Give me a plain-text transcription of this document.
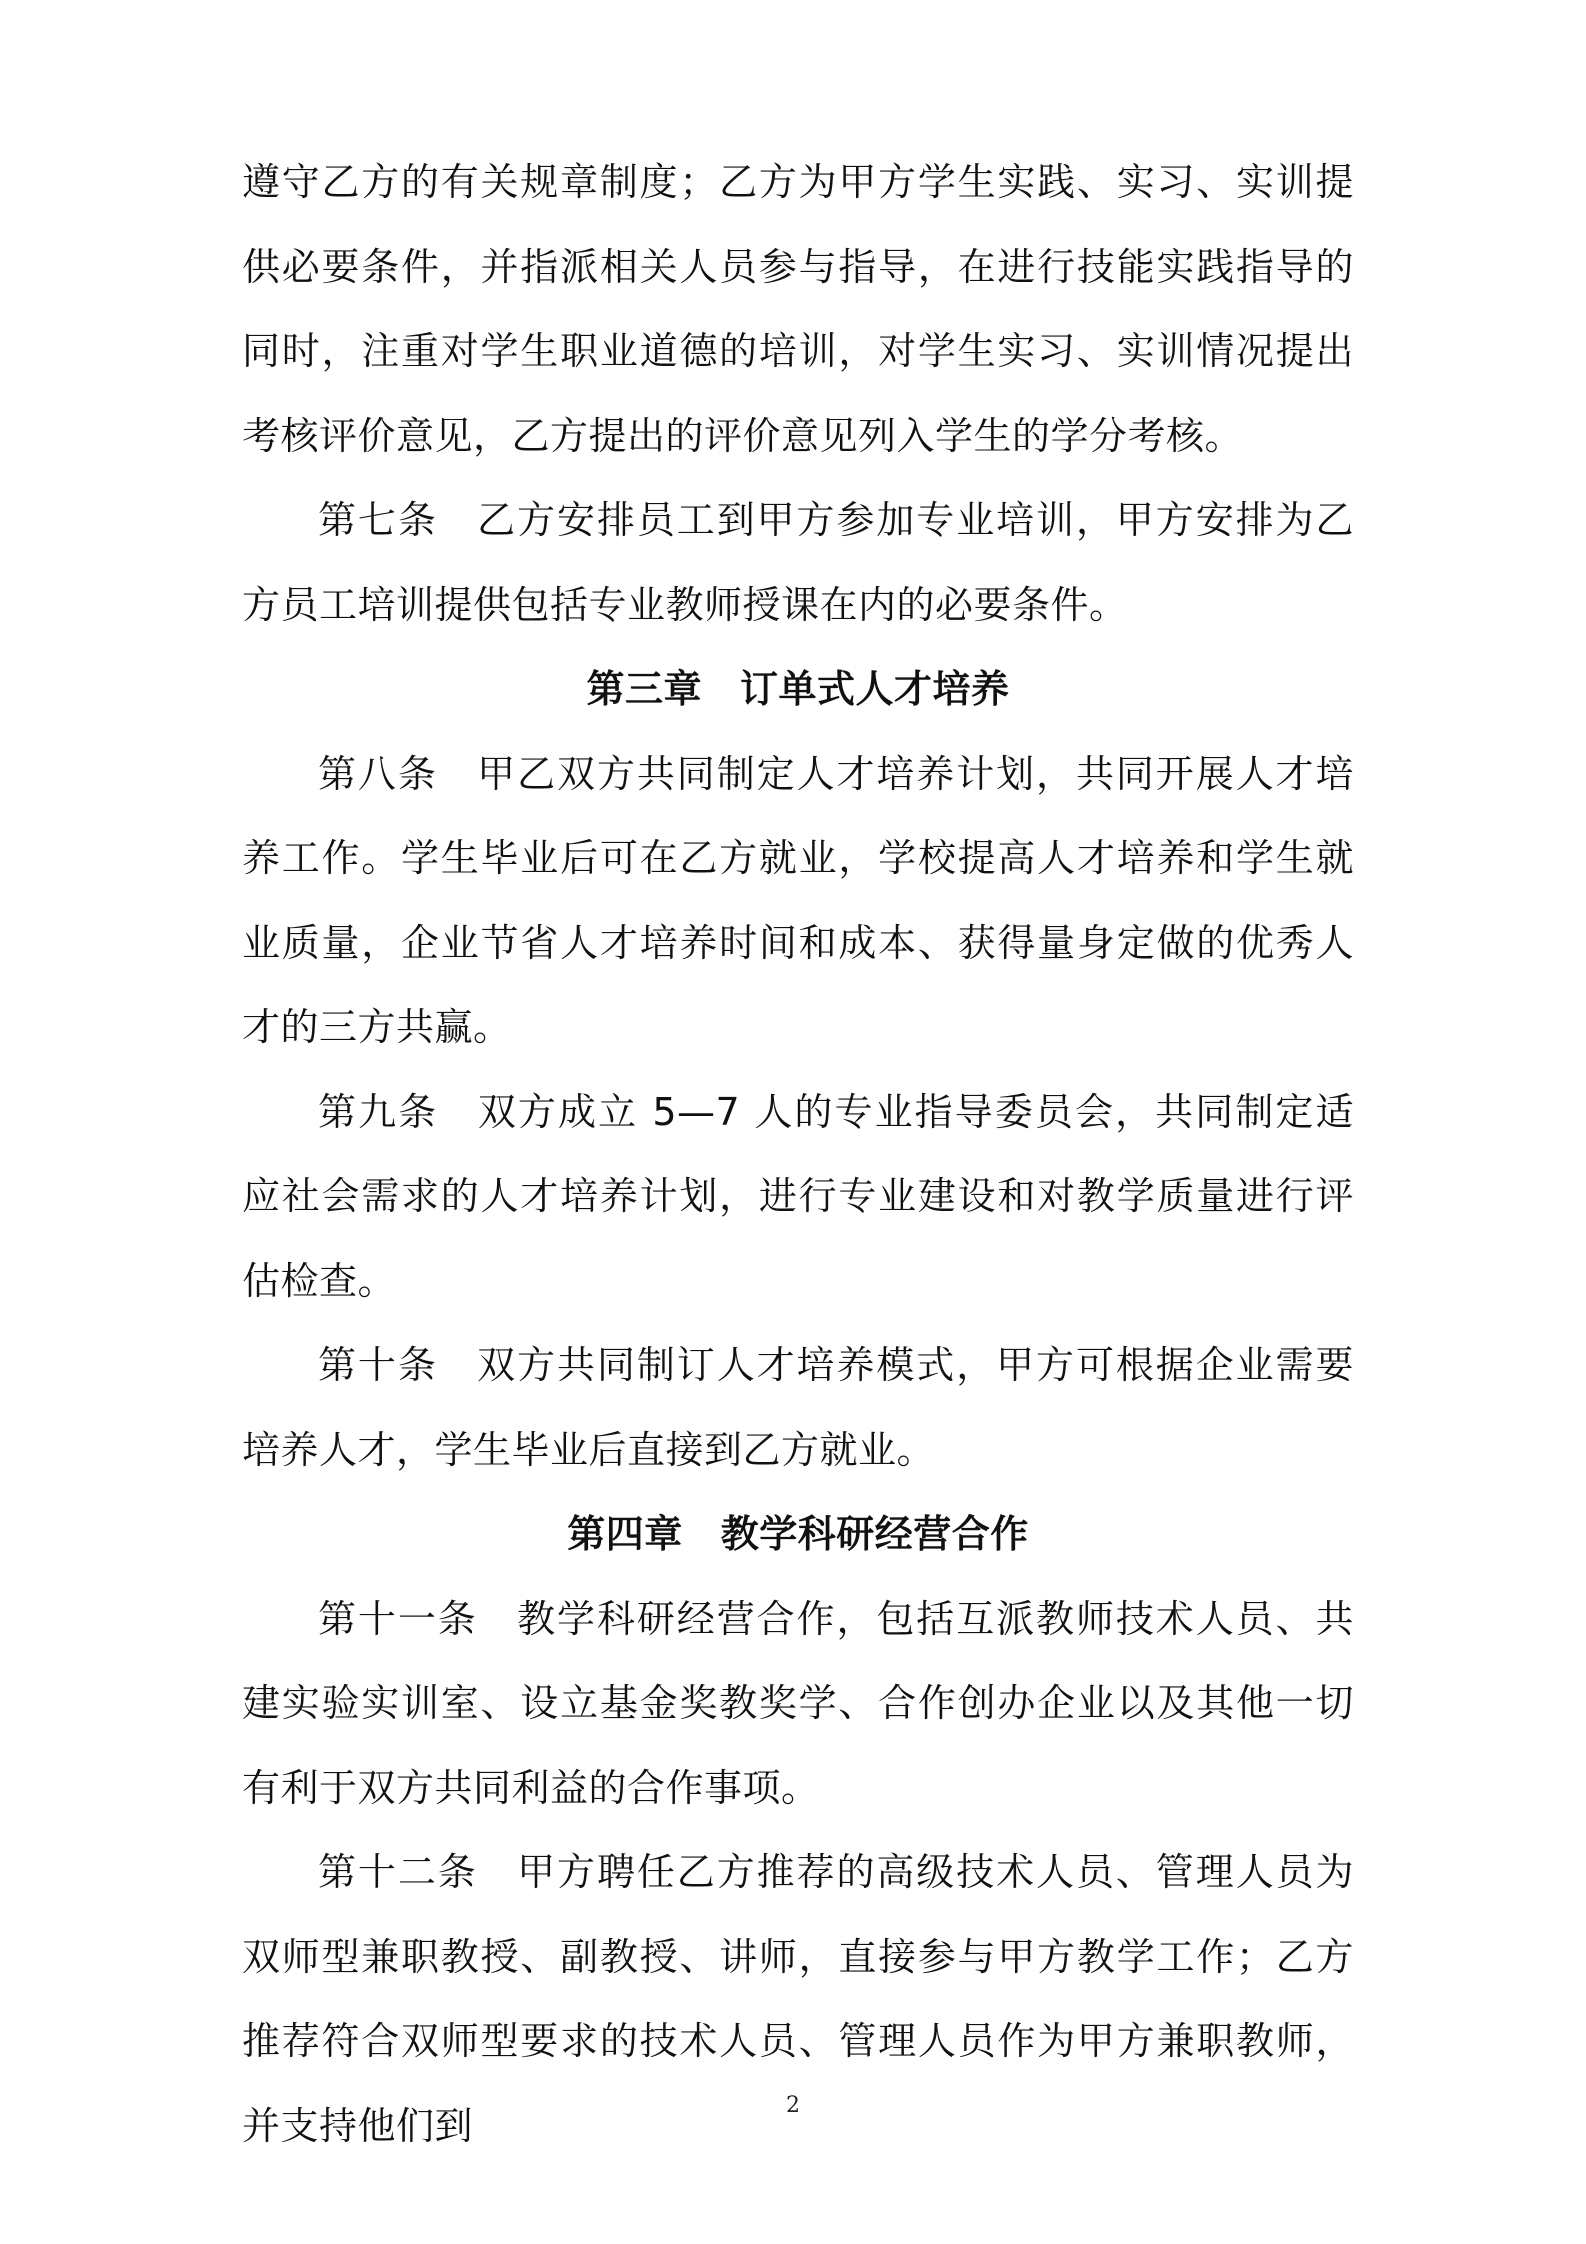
遵守乙方的有关规章制度；乙方为甲方学生实践、实习、实训提供必要条件，并指派相关人员参与指导，在进行技能实践指导的同时，注重对学生职业道德的培训，对学生实习、实训情况提出考核评价意见，乙方提出的评价意见列入学生的学分考核。

第七条 乙方安排员工到甲方参加专业培训，甲方安排为乙方员工培训提供包括专业教师授课在内的必要条件。

第三章 订单式人才培养

第八条 甲乙双方共同制定人才培养计划，共同开展人才培养工作。学生毕业后可在乙方就业，学校提高人才培养和学生就业质量，企业节省人才培养时间和成本、获得量身定做的优秀人才的三方共赢。

第九条 双方成立 5—7 人的专业指导委员会，共同制定适应社会需求的人才培养计划，进行专业建设和对教学质量进行评估检查。

第十条 双方共同制订人才培养模式，甲方可根据企业需要培养人才，学生毕业后直接到乙方就业。

第四章 教学科研经营合作

第十一条 教学科研经营合作，包括互派教师技术人员、共建实验实训室、设立基金奖教奖学、合作创办企业以及其他一切有利于双方共同利益的合作事项。

第十二条 甲方聘任乙方推荐的高级技术人员、管理人员为双师型兼职教授、副教授、讲师，直接参与甲方教学工作；乙方推荐符合双师型要求的技术人员、管理人员作为甲方兼职教师，并支持他们到	2
